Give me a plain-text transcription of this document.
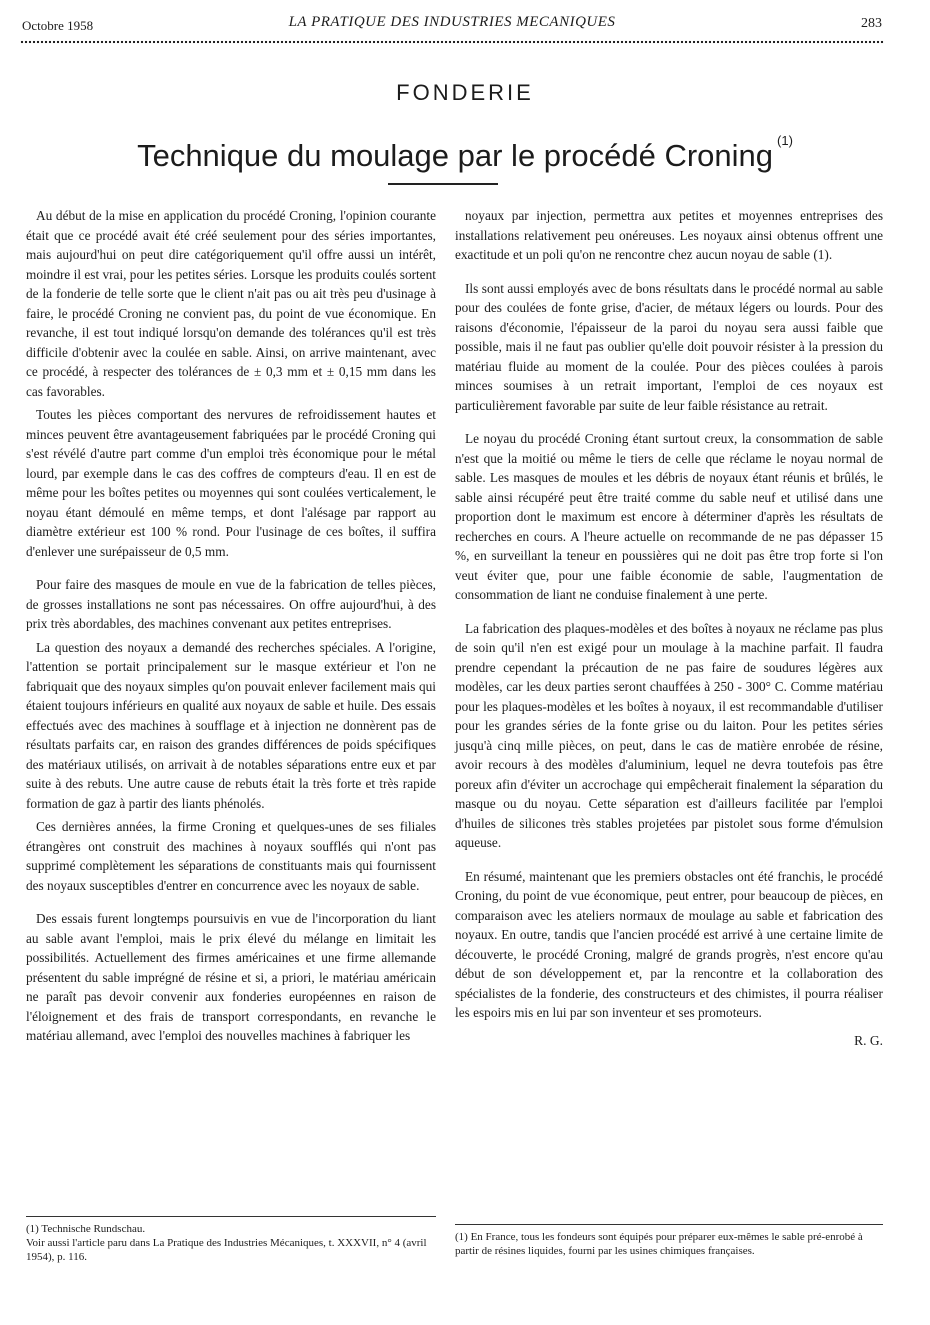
Octobre 1958	LA PRATIQUE DES INDUSTRIES MECANIQUES	283
FONDERIE
Technique du moulage par le procédé Croning $^{(1)}$

Au début de la mise en application du procédé Croning, l'opinion courante était que ce procédé avait été créé seulement pour des séries importantes, mais aujourd'hui on peut dire catégoriquement qu'il offre aussi un intérêt, moindre il est vrai, pour les petites séries. Lorsque les produits coulés sortent de la fonderie de telle sorte que le client n'ait pas ou ait très peu d'usinage à faire, le procédé Croning ne convient pas, du point de vue économique. En revanche, il est tout indiqué lorsqu'on demande des tolérances qu'il est très difficile d'obtenir avec la coulée en sable. Ainsi, on arrive maintenant, avec ce procédé, à respecter des tolérances de ± 0,3 mm et ± 0,15 mm dans les cas favorables.

Toutes les pièces comportant des nervures de refroidissement hautes et minces peuvent être avantageusement fabriquées par le procédé Croning qui s'est révélé d'autre part comme d'un emploi très économique pour le métal lourd, par exemple dans le cas des coffres de compteurs d'eau. Il en est de même pour les boîtes petites ou moyennes qui sont coulées verticalement, le noyau étant démoulé en même temps, et dont l'alésage par rapport au diamètre extérieur est 100 % rond. Pour l'usinage de ces boîtes, il suffira d'enlever une surépaisseur de 0,5 mm.

Pour faire des masques de moule en vue de la fabrication de telles pièces, de grosses installations ne sont pas nécessaires. On offre aujourd'hui, à des prix très abordables, des machines convenant aux petites entreprises.

La question des noyaux a demandé des recherches spéciales. A l'origine, l'attention se portait principalement sur le masque extérieur et l'on ne fabriquait que des noyaux simples qu'on pouvait enlever facilement mais qui étaient toujours inférieurs en qualité aux noyaux de sable et huile. Des essais effectués avec des machines à soufflage et à injection ne donnèrent pas de résultats parfaits car, en raison des grandes différences de poids spécifiques des matériaux utilisés, on arrivait à de notables séparations entre eux et par suite à des rebuts. Une autre cause de rebuts était la très forte et très rapide formation de gaz à partir des liants phénolés.

Ces dernières années, la firme Croning et quelques-unes de ses filiales étrangères ont construit des machines à noyaux soufflés qui n'ont pas supprimé complètement les séparations de constituants mais qui fournissent des noyaux susceptibles d'entrer en concurrence avec les noyaux de sable.

Des essais furent longtemps poursuivis en vue de l'incorporation du liant au sable avant l'emploi, mais le prix élevé du mélange en limitait les possibilités. Actuellement des firmes américaines et une firme allemande présentent du sable imprégné de résine et si, a priori, le matériau américain ne paraît pas devoir convenir aux fonderies européennes en raison de l'éloignement et des frais de transport correspondants, en revanche le matériau allemand, avec l'emploi des nouvelles machines à fabriquer les

noyaux par injection, permettra aux petites et moyennes entreprises des installations relativement peu onéreuses. Les noyaux ainsi obtenus offrent une exactitude et un poli qu'on ne rencontre chez aucun noyau de sable (1).

Ils sont aussi employés avec de bons résultats dans le procédé normal au sable pour des coulées de fonte grise, d'acier, de métaux légers ou lourds. Pour des raisons d'économie, l'épaisseur de la paroi du noyau sera aussi faible que possible, mais il ne faut pas oublier qu'elle doit pouvoir résister à la pression du matériau fluide au moment de la coulée. Pour des pièces coulées à parois minces soumises à un retrait important, l'emploi de ces noyaux est particulièrement favorable par suite de leur faible résistance au retrait.

Le noyau du procédé Croning étant surtout creux, la consommation de sable n'est que la moitié ou même le tiers de celle que réclame le noyau normal de sable. Les masques de moules et les débris de noyaux étant réunis et brûlés, le sable ainsi récupéré peut être traité comme du sable neuf et utilisé dans une proportion dont le maximum est encore à déterminer d'après les résultats de recherches en cours. A l'heure actuelle on recommande de ne pas dépasser 15 %, en surveillant la teneur en poussières qui ne doit pas être trop forte si l'on veut éviter que, pour une faible économie de sable, l'augmentation de consommation de liant ne conduise finalement à une perte.

La fabrication des plaques-modèles et des boîtes à noyaux ne réclame pas plus de soin qu'il n'en est exigé pour un moulage à la machine parfait. Il faudra prendre cependant la précaution de ne pas faire de soudures légères aux modèles, car les deux parties seront chauffées à 250 - 300° C. Comme matériau pour les plaques-modèles et les boîtes à noyaux, il est recommandable d'utiliser pour les grandes séries de la fonte grise ou du laiton. Pour les petites séries jusqu'à cinq mille pièces, on peut, dans le cas de matière enrobée de résine, avoir recours à des modèles d'aluminium, lequel ne devra toutefois pas être poreux afin d'éviter un accrochage qui empêcherait finalement la séparation du masque ou du noyau. Cette séparation est d'ailleurs facilitée par l'emploi d'huiles de silicones très stables projetées par pistolet sous forme d'émulsion aqueuse.

En résumé, maintenant que les premiers obstacles ont été franchis, le procédé Croning, du point de vue économique, peut entrer, pour beaucoup de pièces, en comparaison avec les ateliers normaux de moulage au sable et fabrication des noyaux. En outre, tandis que l'ancien procédé est arrivé à une certaine limite de découverte, le procédé Croning, malgré de grands progrès, n'est encore qu'au début de son développement et, par la rencontre et la collaboration des spécialistes de la fonderie, des constructeurs et des chimistes, il pourra réaliser les espoirs mis en lui par son inventeur et ses promoteurs.

R. G.

(1) Technische Rundschau.

Voir aussi l'article paru dans La Pratique des Industries Mécaniques, t. XXXVII, n° 4 (avril 1954), p. 116.

(1) En France, tous les fondeurs sont équipés pour préparer eux-mêmes le sable pré-enrobé à partir de résines liquides, fourni par les usines chimiques françaises.
